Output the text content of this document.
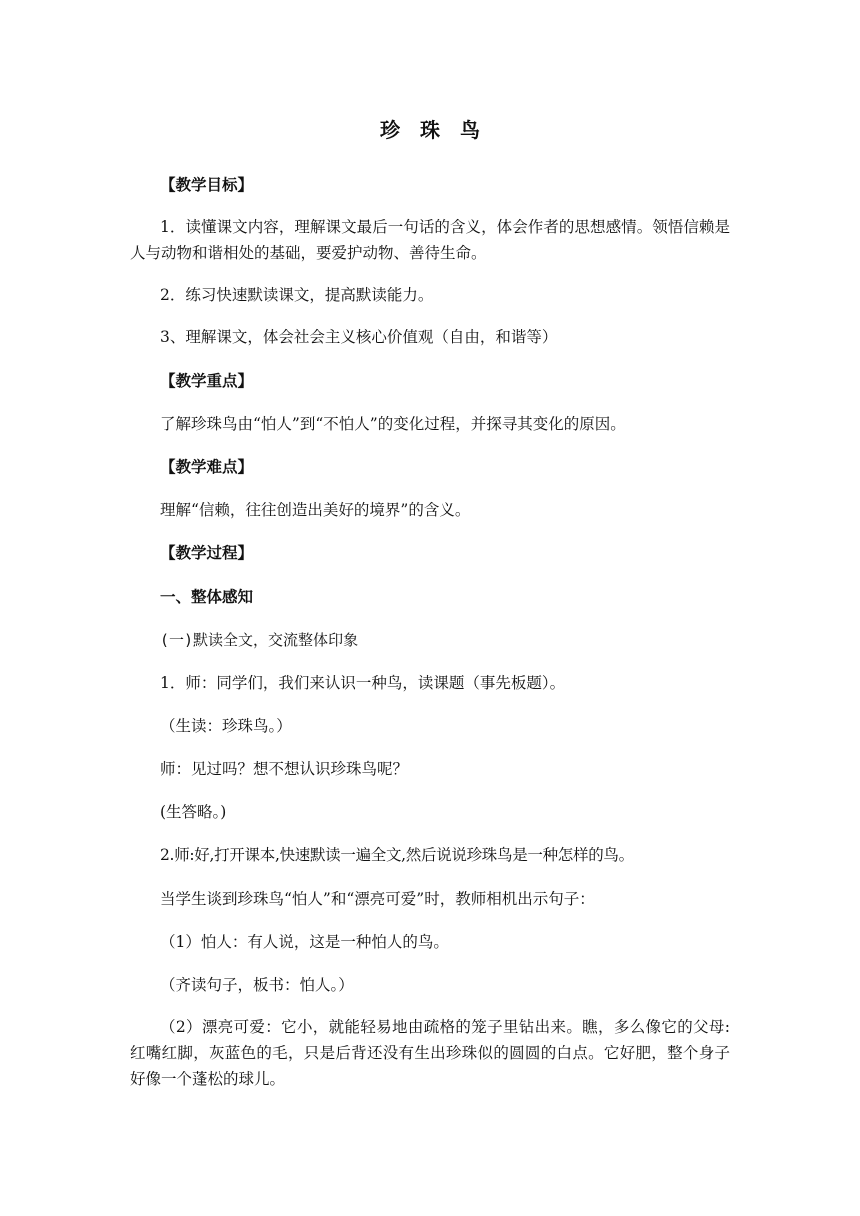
珍　珠　鸟
【教学目标】
1．读懂课文内容，理解课文最后一句话的含义，体会作者的思想感情。领悟信赖是人与动物和谐相处的基础，要爱护动物、善待生命。
2．练习快速默读课文，提高默读能力。
3、理解课文，体会社会主义核心价值观（自由，和谐等）
【教学重点】
了解珍珠鸟由“怕人”到“不怕人”的变化过程，并探寻其变化的原因。
【教学难点】
理解“信赖，往往创造出美好的境界”的含义。
【教学过程】
一、整体感知
(一)默读全文，交流整体印象
1．师：同学们，我们来认识一种鸟，读课题（事先板题）。
（生读：珍珠鸟。）
师：见过吗？想不想认识珍珠鸟呢？
(生答略。)
2.师:好,打开课本,快速默读一遍全文,然后说说珍珠鸟是一种怎样的鸟。
当学生谈到珍珠鸟“怕人”和“漂亮可爱”时，教师相机出示句子：
（1）怕人：有人说，这是一种怕人的鸟。
（齐读句子，板书：怕人。）
（2）漂亮可爱：它小，就能轻易地由疏格的笼子里钻出来。瞧，多么像它的父母:红嘴红脚，灰蓝色的毛，只是后背还没有生出珍珠似的圆圆的白点。它好肥，整个身子好像一个蓬松的球儿。
